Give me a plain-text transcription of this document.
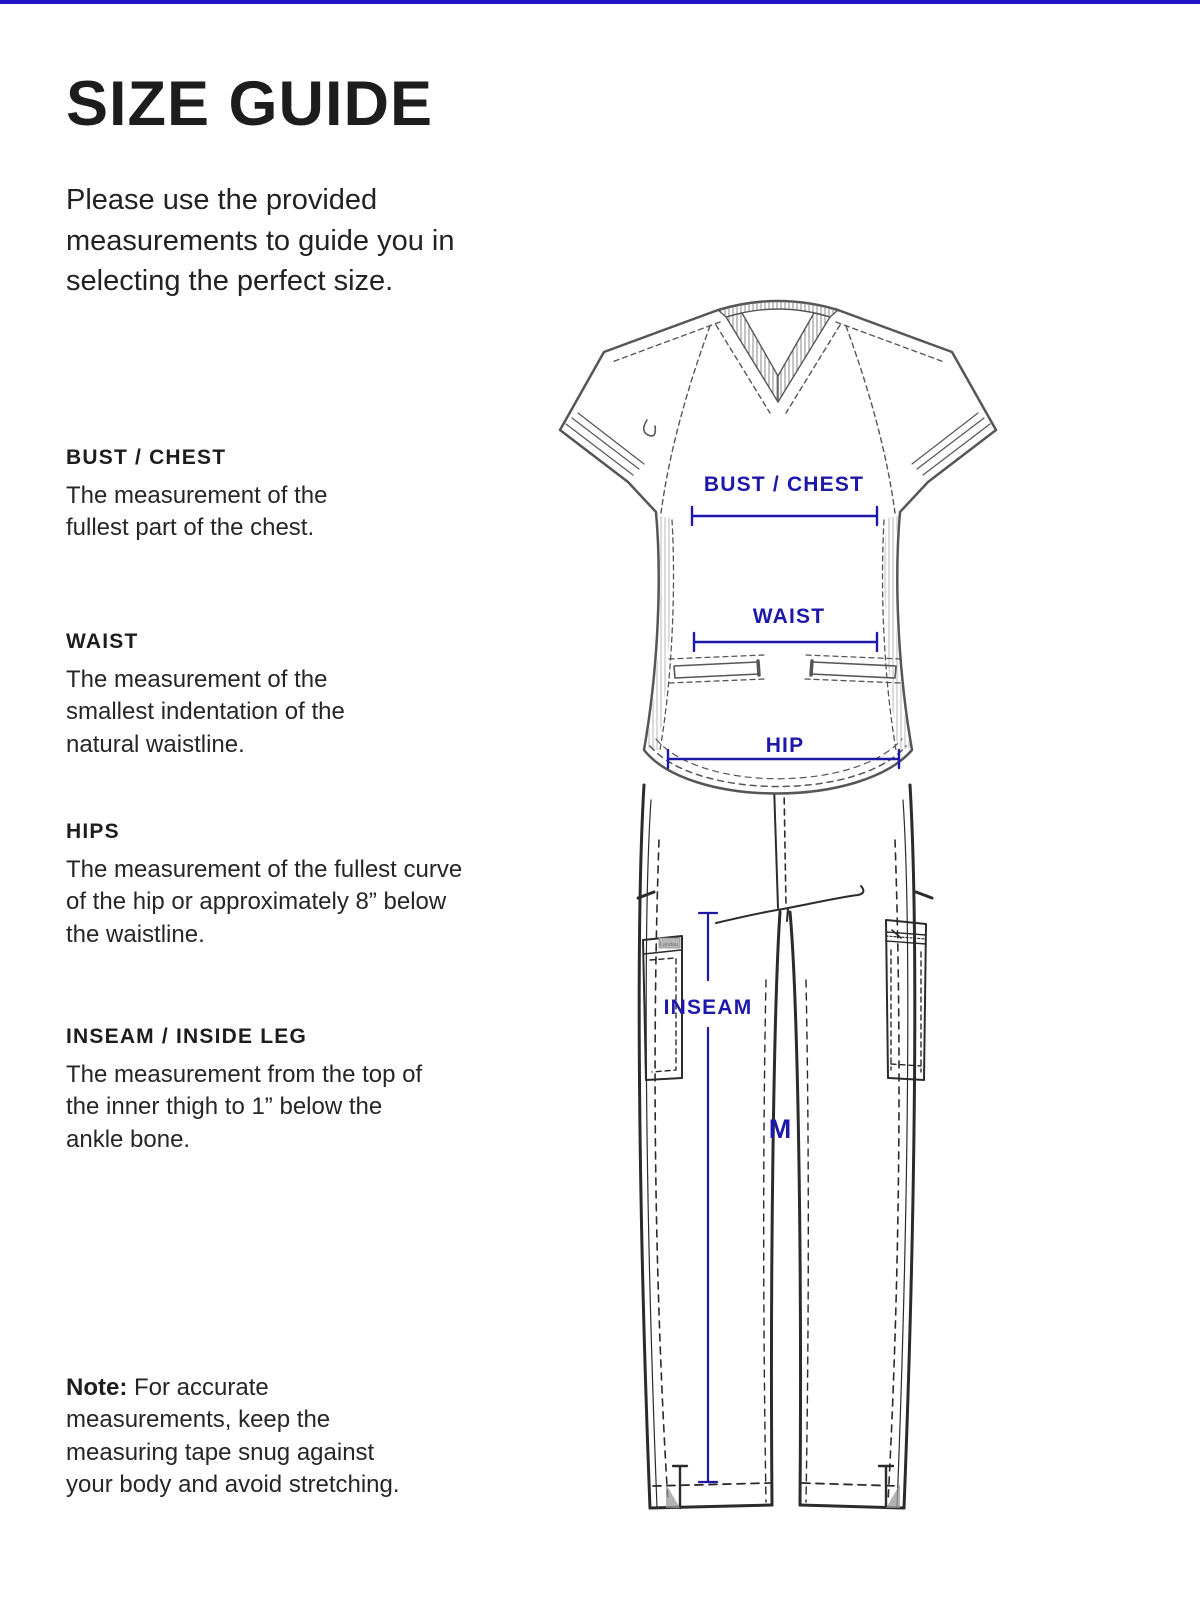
SIZE GUIDE

Please use the provided measurements to guide you in selecting the perfect size.

BUST / CHEST

The measurement of the fullest part of the chest.

WAIST

The measurement of the smallest indentation of the natural waistline.

HIPS

The measurement of the fullest curve of the hip or approximately 8” below the waistline.

INSEAM / INSIDE LEG

The measurement from the top of the inner thigh to 1” below the ankle bone.

Note: For accurate measurements, keep the measuring tape snug against your body and avoid stretching.

BUST / CHEST
WAIST
HIP
INSEAM
M
Landau
